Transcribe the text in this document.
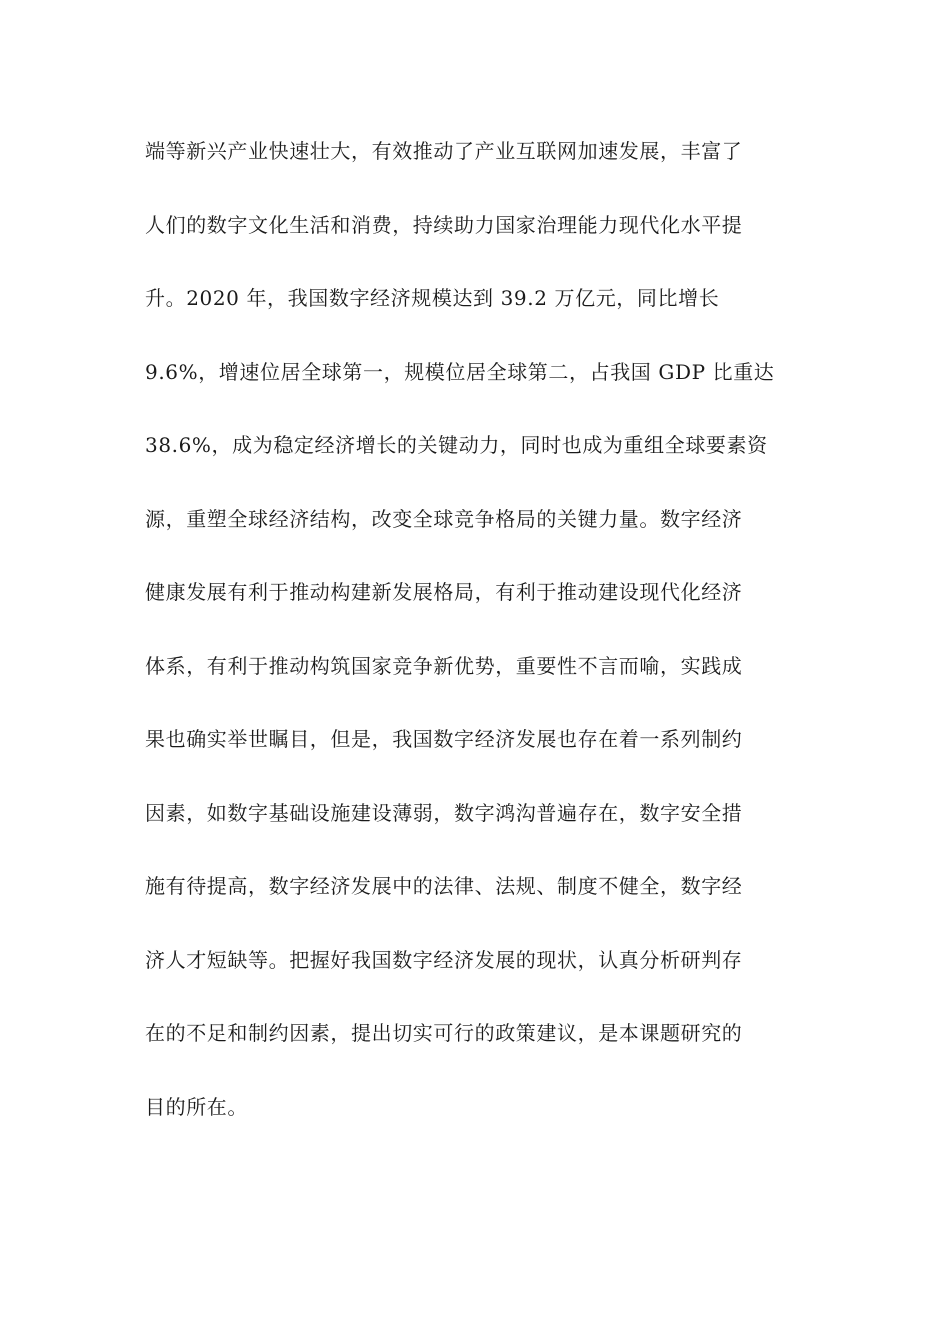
端等新兴产业快速壮大，有效推动了产业互联网加速发展，丰富了
人们的数字文化生活和消费，持续助力国家治理能力现代化水平提
升。2020 年，我国数字经济规模达到 39.2 万亿元，同比增长
9.6%，增速位居全球第一，规模位居全球第二，占我国 GDP 比重达
38.6%，成为稳定经济增长的关键动力，同时也成为重组全球要素资
源，重塑全球经济结构，改变全球竞争格局的关键力量。数字经济
健康发展有利于推动构建新发展格局，有利于推动建设现代化经济
体系，有利于推动构筑国家竞争新优势，重要性不言而喻，实践成
果也确实举世瞩目，但是，我国数字经济发展也存在着一系列制约
因素，如数字基础设施建设薄弱，数字鸿沟普遍存在，数字安全措
施有待提高，数字经济发展中的法律、法规、制度不健全，数字经
济人才短缺等。把握好我国数字经济发展的现状，认真分析研判存
在的不足和制约因素，提出切实可行的政策建议，是本课题研究的
目的所在。
